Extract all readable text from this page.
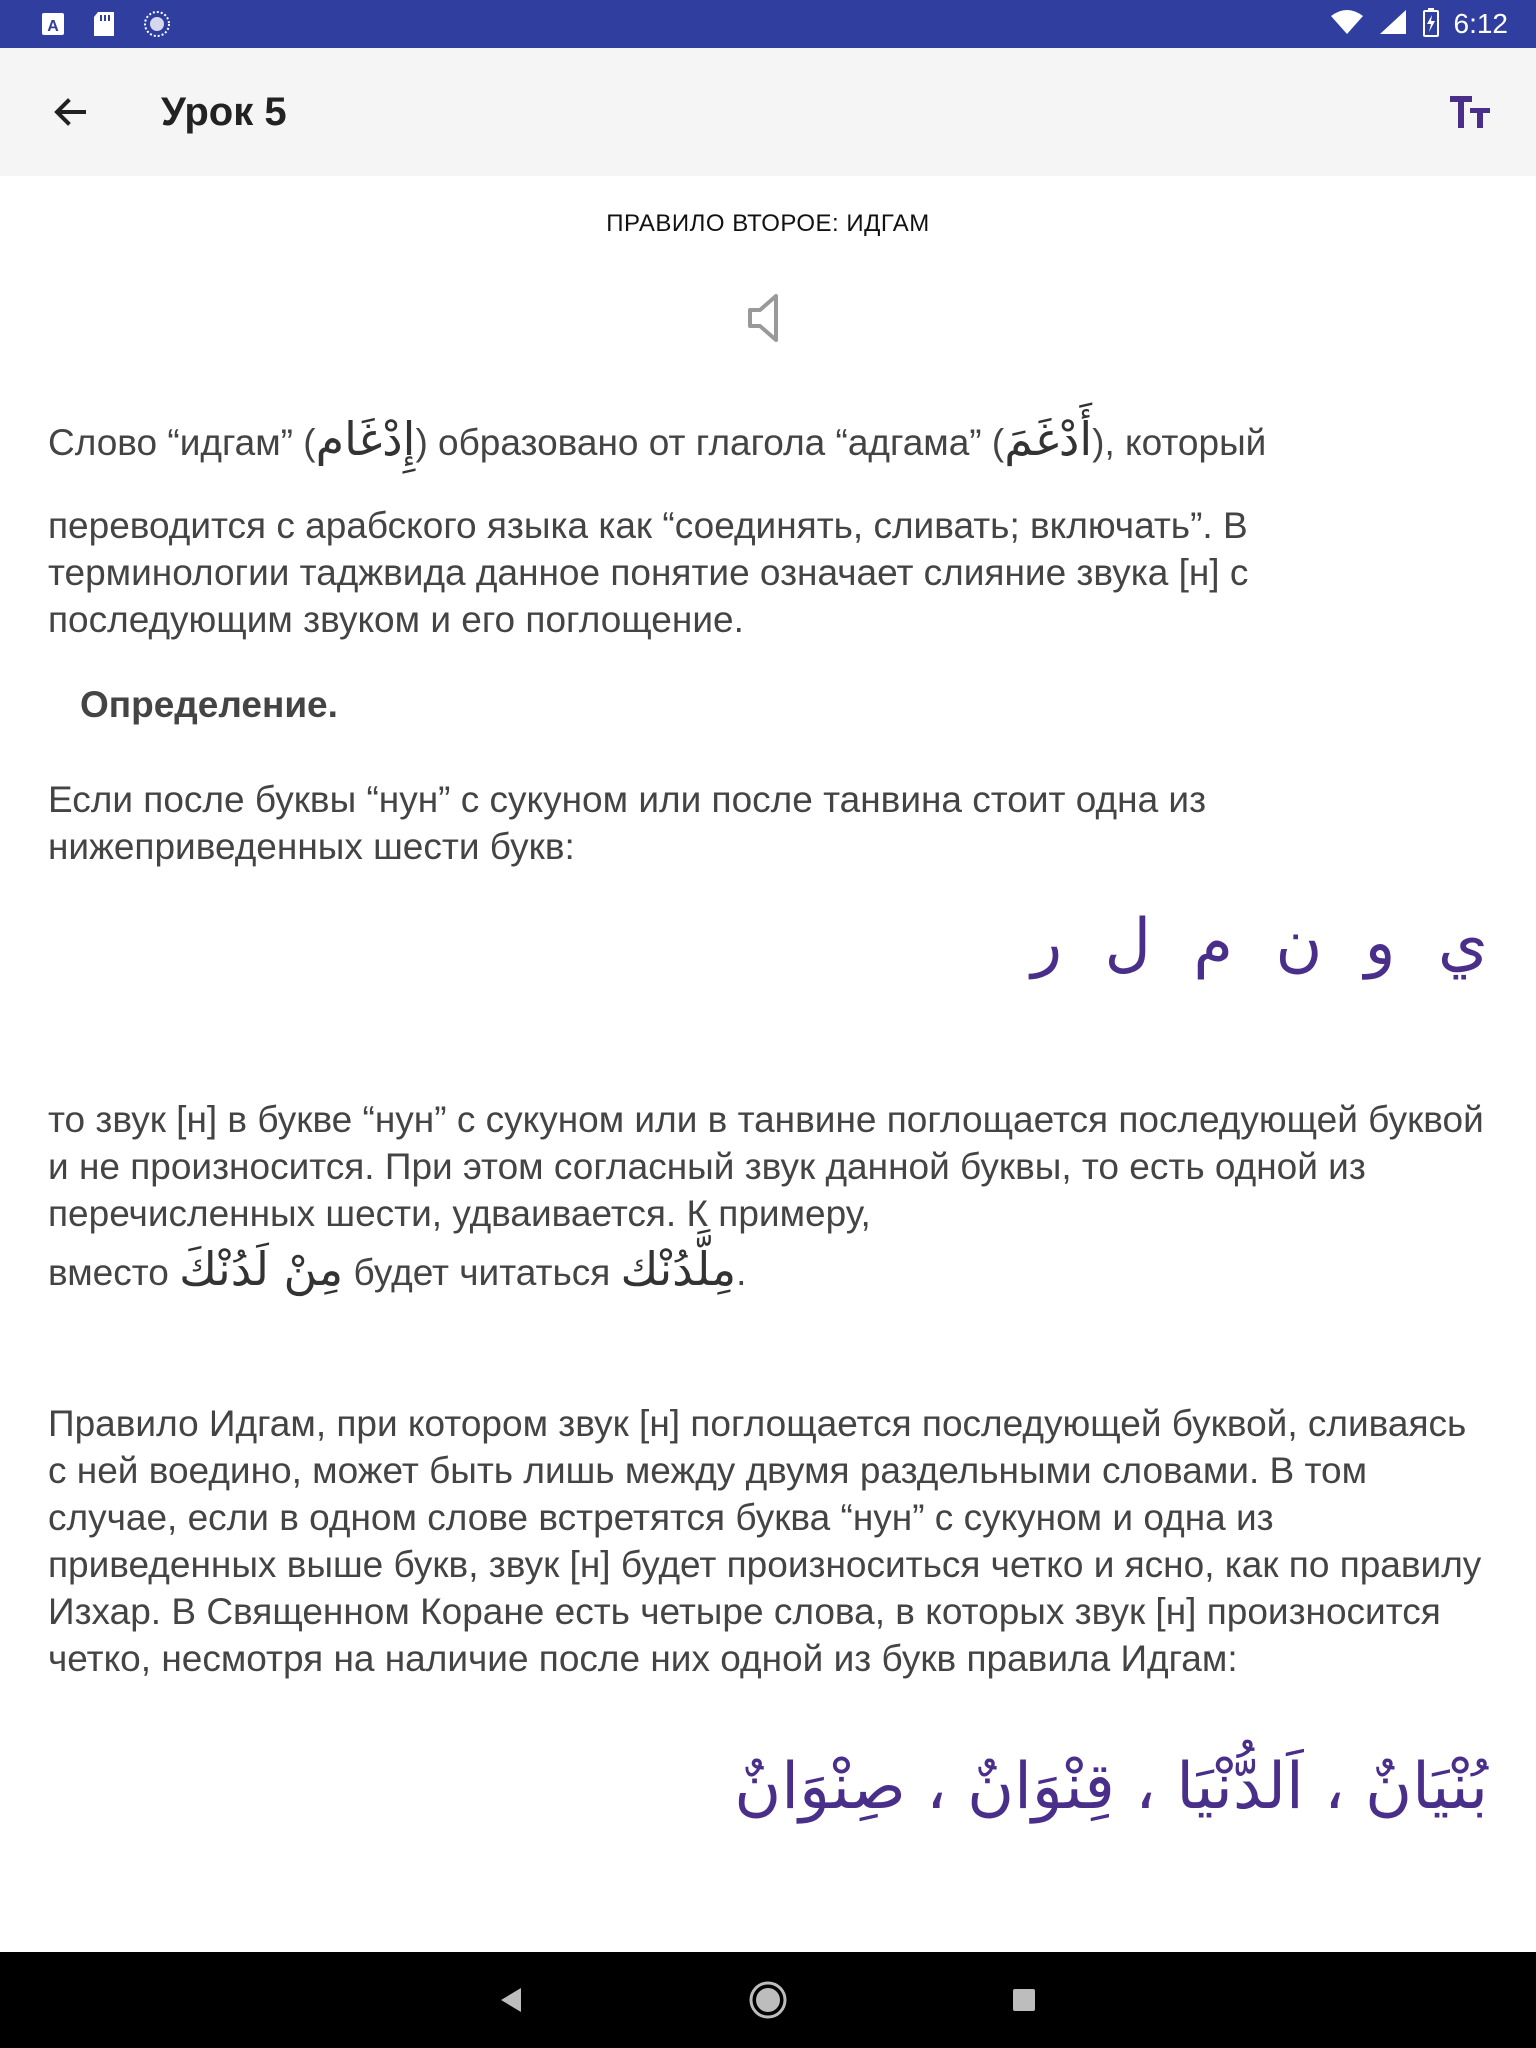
A	6:12
Урок 5
ПРАВИЛО ВТОРОЕ: ИДГАМ
Слово “идгам” (إِدْغَام) образовано от глагола “адгама” (أَدْغَمَ), который
переводится с арабского языка как “соединять, сливать; включать”. В терминологии таджвида данное понятие означает слияние звука [н] с последующим звуком и его поглощение.
Определение.
Если после буквы “нун” с сукуном или после танвина стоит одна из нижеприведенных шести букв:
ي و ن م ل ر
то звук [н] в букве “нун” с сукуном или в танвине поглощается последующей буквой и не произносится. При этом согласный звук данной буквы, то есть одной из перечисленных шести, удваивается. К примеру,
вместо مِنْ لَدُنْكَ будет читаться مِلَّدُنْك.
Правило Идгам, при котором звук [н] поглощается последующей буквой, сливаясь с ней воедино, может быть лишь между двумя раздельными словами. В том случае, если в одном слове встретятся буква “нун” с сукуном и одна из приведенных выше букв, звук [н] будет произноситься четко и ясно, как по правилу Изхар. В Священном Коране есть четыре слова, в которых звук [н] произносится четко, несмотря на наличие после них одной из букв правила Идгам:
بُنْيَانٌ ، اَلدُّنْيَا ، قِنْوَانٌ ، صِنْوَانٌ
